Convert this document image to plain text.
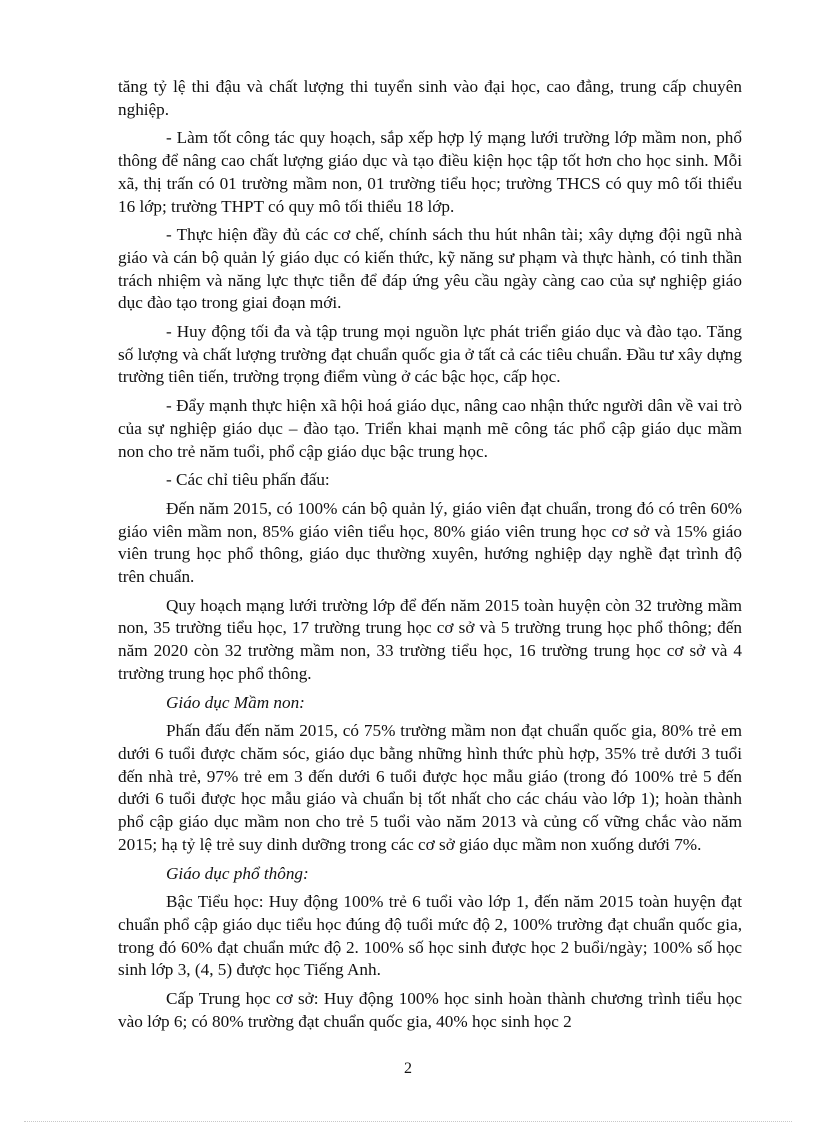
tăng tỷ lệ thi đậu và chất lượng thi tuyển sinh vào đại học, cao đẳng, trung cấp chuyên nghiệp.

- Làm tốt công tác quy hoạch, sắp xếp hợp lý mạng lưới trường lớp mầm non, phổ thông để nâng cao chất lượng giáo dục và tạo điều kiện học tập tốt hơn cho học sinh. Mỗi xã, thị trấn có 01 trường mầm non, 01 trường tiểu học; trường THCS có quy mô tối thiểu 16 lớp; trường THPT có quy mô tối thiểu 18 lớp.

- Thực hiện đầy đủ các cơ chế, chính sách thu hút nhân tài; xây dựng đội ngũ nhà giáo và cán bộ quản lý giáo dục có kiến thức, kỹ năng sư phạm và thực hành, có tinh thần trách nhiệm và năng lực thực tiễn để đáp ứng yêu cầu ngày càng cao của sự nghiệp giáo dục đào tạo trong giai đoạn mới.

- Huy động tối đa và tập trung mọi nguồn lực phát triển giáo dục và đào tạo. Tăng số lượng và chất lượng trường đạt chuẩn quốc gia ở tất cả các tiêu chuẩn. Đầu tư xây dựng trường tiên tiến, trường trọng điểm vùng ở các bậc học, cấp học.

- Đẩy mạnh thực hiện xã hội hoá giáo dục, nâng cao nhận thức người dân về vai trò của sự nghiệp giáo dục – đào tạo. Triển khai mạnh mẽ công tác phổ cập giáo dục mầm non cho trẻ năm tuổi, phổ cập giáo dục bậc trung học.

- Các chỉ tiêu phấn đấu:

Đến năm 2015, có 100% cán bộ quản lý, giáo viên đạt chuẩn, trong đó có trên 60% giáo viên mầm non, 85% giáo viên tiểu học, 80% giáo viên trung học cơ sở và 15% giáo viên trung học phổ thông, giáo dục thường xuyên, hướng nghiệp dạy nghề đạt trình độ trên chuẩn.

Quy hoạch mạng lưới trường lớp để đến năm 2015 toàn huyện còn 32 trường mầm non, 35 trường tiểu học, 17 trường trung học cơ sở và 5 trường trung học phổ thông; đến năm 2020 còn 32 trường mầm non, 33 trường tiểu học, 16 trường trung học cơ sở và 4 trường trung học phổ thông.

Giáo dục Mầm non:

Phấn đấu đến năm 2015, có 75% trường mầm non đạt chuẩn quốc gia, 80% trẻ em dưới 6 tuổi được chăm sóc, giáo dục bằng những hình thức phù hợp, 35% trẻ dưới 3 tuổi đến nhà trẻ, 97% trẻ em 3 đến dưới 6 tuổi được học mẫu giáo (trong đó 100% trẻ 5 đến dưới 6 tuổi được học mẫu giáo và chuẩn bị tốt nhất cho các cháu vào lớp 1); hoàn thành phổ cập giáo dục mầm non cho trẻ 5 tuổi vào năm 2013 và củng cố vững chắc vào năm 2015; hạ tỷ lệ trẻ suy dinh dưỡng trong các cơ sở giáo dục mầm non xuống dưới 7%.

Giáo dục phổ thông:

Bậc Tiểu học: Huy động 100% trẻ 6 tuổi vào lớp 1, đến năm 2015 toàn huyện đạt chuẩn phổ cập giáo dục tiểu học đúng độ tuổi mức độ 2, 100% trường đạt chuẩn quốc gia, trong đó 60% đạt chuẩn mức độ 2. 100% số học sinh được học 2 buổi/ngày; 100% số học sinh lớp 3, (4, 5) được học Tiếng Anh.

Cấp Trung học cơ sở: Huy động 100% học sinh hoàn thành chương trình tiểu học vào lớp 6; có 80% trường đạt chuẩn quốc gia, 40% học sinh học 2

2
